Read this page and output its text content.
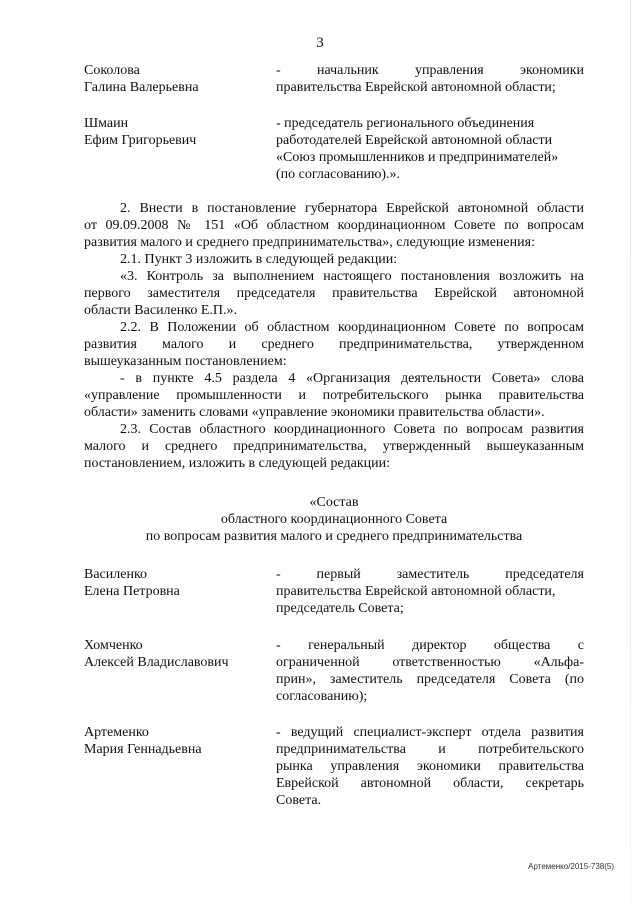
3
Соколова
Галина Валерьевна
- начальник управления экономики
правительства Еврейской автономной области;
Шмаин
Ефим Григорьевич
- председатель регионального объединения
работодателей Еврейской автономной области
«Союз промышленников и предпринимателей»
(по согласованию).».
2. Внести в постановление губернатора Еврейской автономной области
от 09.09.2008 № 151 «Об областном координационном Совете по вопросам
развития малого и среднего предпринимательства», следующие изменения:
2.1. Пункт 3 изложить в следующей редакции:
«3. Контроль за выполнением настоящего постановления возложить на
первого заместителя председателя правительства Еврейской автономной
области Василенко Е.П.».
2.2. В Положении об областном координационном Совете по вопросам
развития малого и среднего предпринимательства, утвержденном
вышеуказанным постановлением:
- в пункте 4.5 раздела 4 «Организация деятельности Совета» слова
«управление промышленности и потребительского рынка правительства
области» заменить словами «управление экономики правительства области».
2.3. Состав областного координационного Совета по вопросам развития
малого и среднего предпринимательства, утвержденный вышеуказанным
постановлением, изложить в следующей редакции:
«Состав
областного координационного Совета
по вопросам развития малого и среднего предпринимательства
Василенко
Елена Петровна
- первый заместитель председателя
правительства Еврейской автономной области,
председатель Совета;
Хомченко
Алексей Владиславович
- генеральный директор общества с
ограниченной ответственностью «Альфа-
прин», заместитель председателя Совета (по
согласованию);
Артеменко
Мария Геннадьевна
- ведущий специалист-эксперт отдела развития
предпринимательства и потребительского
рынка управления экономики правительства
Еврейской автономной области, секретарь
Совета.
Артеменко/2015-738(5)
